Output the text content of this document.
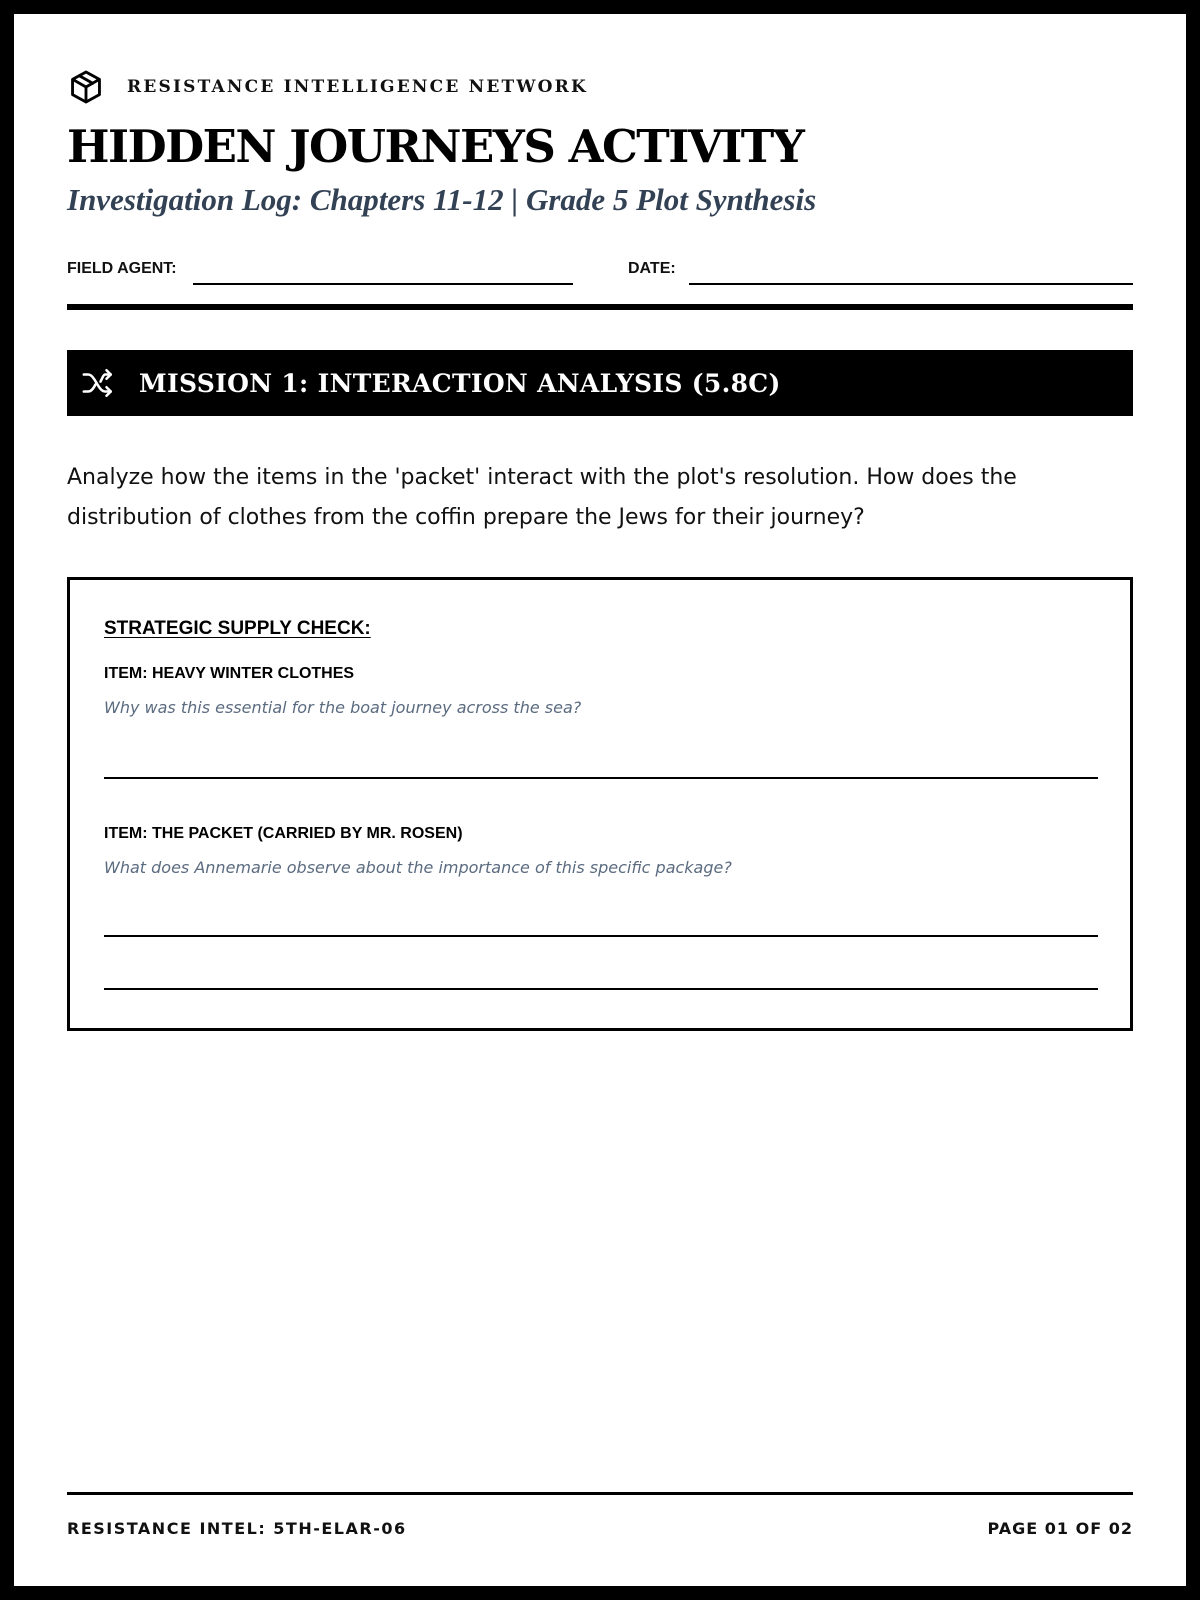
RESISTANCE INTELLIGENCE NETWORK
HIDDEN JOURNEYS ACTIVITY
Investigation Log: Chapters 11-12 | Grade 5 Plot Synthesis
FIELD AGENT:	DATE:
MISSION 1: INTERACTION ANALYSIS (5.8C)

Analyze how the items in the 'packet' interact with the plot's resolution. How does the distribution of clothes from the coffin prepare the Jews for their journey?

STRATEGIC SUPPLY CHECK:
ITEM: HEAVY WINTER CLOTHES
Why was this essential for the boat journey across the sea?
ITEM: THE PACKET (CARRIED BY MR. ROSEN)
What does Annemarie observe about the importance of this specific package?
RESISTANCE INTEL: 5TH-ELAR-06	PAGE 01 OF 02
